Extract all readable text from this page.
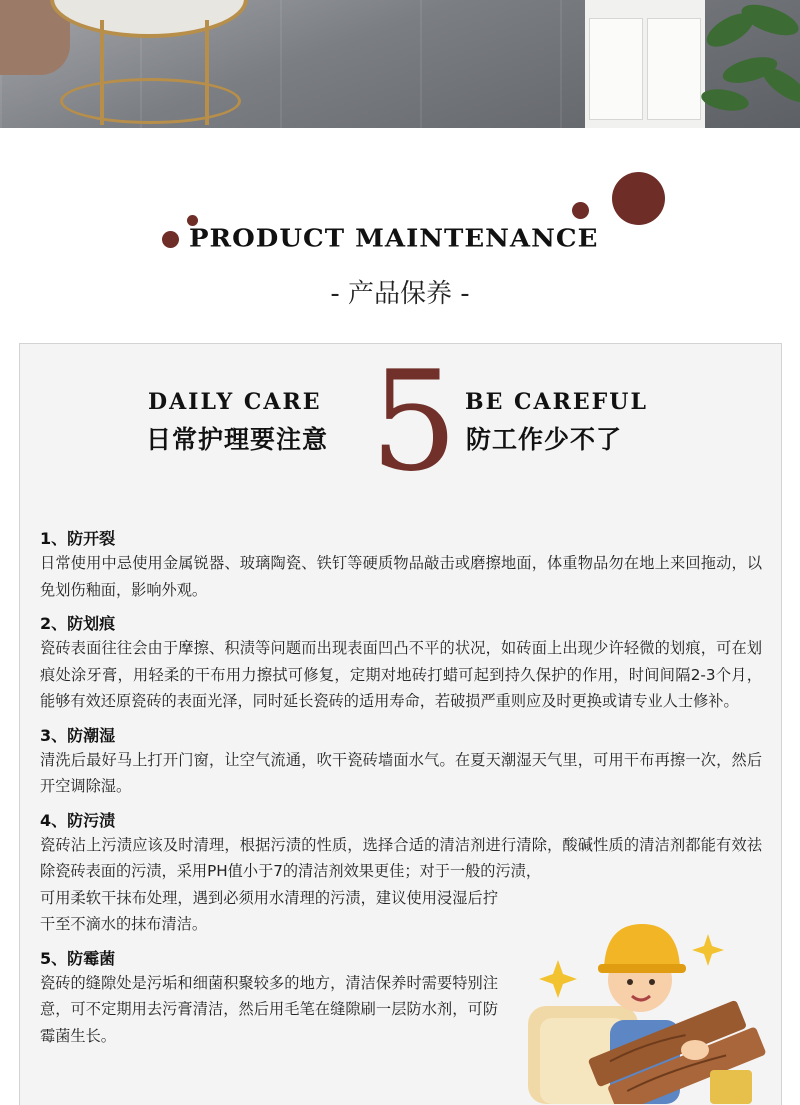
PRODUCT MAINTENANCE
- 产品保养 -
DAILY CARE
日常护理要注意 5 BE CAREFUL
防工作少不了
1、防开裂
日常使用中忌使用金属锐器、玻璃陶瓷、铁钉等硬质物品敲击或磨擦地面，体重物品勿在地上来回拖动，以免划伤釉面，影响外观。
2、防划痕
瓷砖表面往往会由于摩擦、积渍等问题而出现表面凹凸不平的状况，如砖面上出现少许轻微的划痕，可在划痕处涂牙膏，用轻柔的干布用力擦拭可修复，定期对地砖打蜡可起到持久保护的作用，时间间隔2-3个月，能够有效还原瓷砖的表面光泽，同时延长瓷砖的适用寿命，若破损严重则应及时更换或请专业人士修补。
3、防潮湿
清洗后最好马上打开门窗，让空气流通，吹干瓷砖墙面水气。在夏天潮湿天气里，可用干布再擦一次，然后开空调除湿。
4、防污渍
瓷砖沾上污渍应该及时清理，根据污渍的性质，选择合适的清洁剂进行清除，酸碱性质的清洁剂都能有效祛除瓷砖表面的污渍，采用PH值小于7的清洁剂效果更佳；对于一般的污渍，
可用柔软干抹布处理，遇到必须用水清理的污渍，建议使用浸湿后拧干至不滴水的抹布清洁。
5、防霉菌
瓷砖的缝隙处是污垢和细菌积聚较多的地方，清洁保养时需要特别注意，可不定期用去污膏清洁，然后用毛笔在缝隙刷一层防水剂，可防霉菌生长。
